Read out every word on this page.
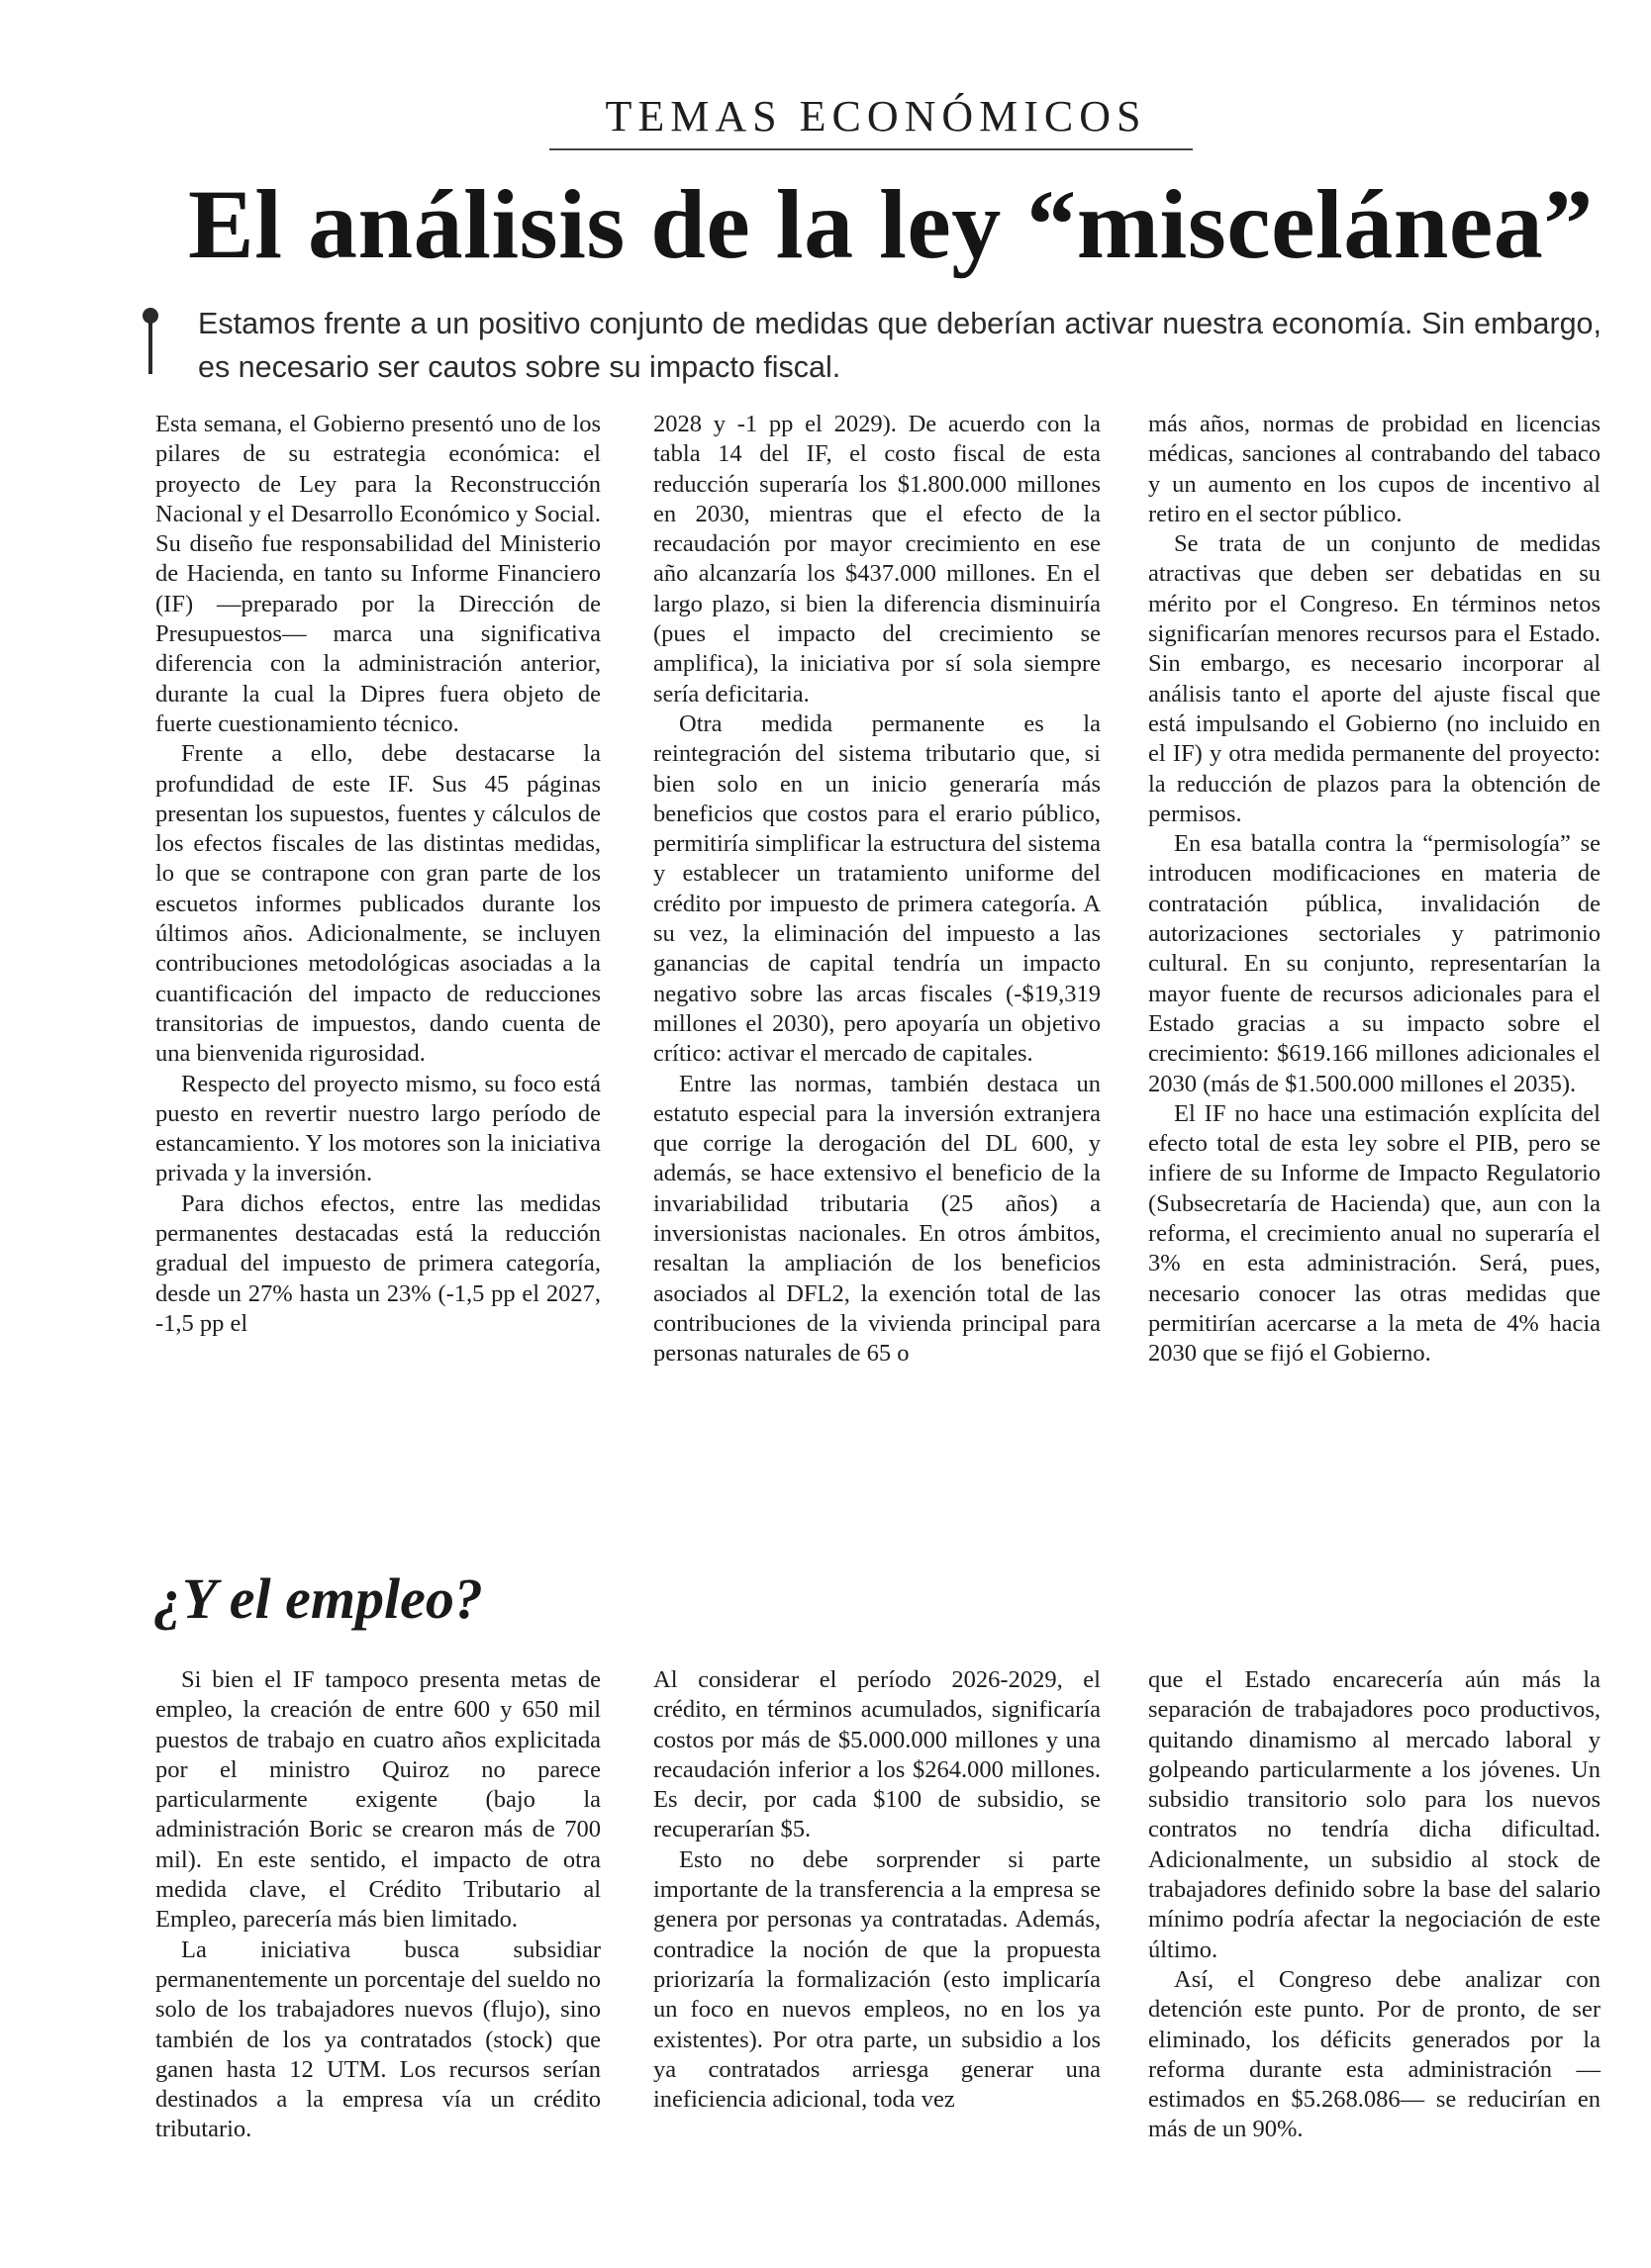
TEMAS ECONÓMICOS
El análisis de la ley “miscelánea”

Estamos frente a un positivo conjunto de medidas que deberían activar nuestra economía. Sin embargo, es necesario ser cautos sobre su impacto fiscal.

Esta semana, el Gobierno presentó uno de los pilares de su estrategia económica: el proyecto de Ley para la Reconstrucción Nacional y el Desarrollo Económico y Social. Su diseño fue responsabilidad del Ministerio de Hacienda, en tanto su Informe Financiero (IF) —preparado por la Dirección de Presupuestos— marca una significativa diferencia con la administración anterior, durante la cual la Dipres fuera objeto de fuerte cuestionamiento técnico.

Frente a ello, debe destacarse la profundidad de este IF. Sus 45 páginas presentan los supuestos, fuentes y cálculos de los efectos fiscales de las distintas medidas, lo que se contrapone con gran parte de los escuetos informes publicados durante los últimos años. Adicionalmente, se incluyen contribuciones metodológicas asociadas a la cuantificación del impacto de reducciones transitorias de impuestos, dando cuenta de una bienvenida rigurosidad.

Respecto del proyecto mismo, su foco está puesto en revertir nuestro largo período de estancamiento. Y los motores son la iniciativa privada y la inversión.

Para dichos efectos, entre las medidas permanentes destacadas está la reducción gradual del impuesto de primera categoría, desde un 27% hasta un 23% (-1,5 pp el 2027, -1,5 pp el

2028 y -1 pp el 2029). De acuerdo con la tabla 14 del IF, el costo fiscal de esta reducción superaría los $1.800.000 millones en 2030, mientras que el efecto de la recaudación por mayor crecimiento en ese año alcanzaría los $437.000 millones. En el largo plazo, si bien la diferencia disminuiría (pues el impacto del crecimiento se amplifica), la iniciativa por sí sola siempre sería deficitaria.

Otra medida permanente es la reintegración del sistema tributario que, si bien solo en un inicio generaría más beneficios que costos para el erario público, permitiría simplificar la estructura del sistema y establecer un tratamiento uniforme del crédito por impuesto de primera categoría. A su vez, la eliminación del impuesto a las ganancias de capital tendría un impacto negativo sobre las arcas fiscales (-$19,319 millones el 2030), pero apoyaría un objetivo crítico: activar el mercado de capitales.

Entre las normas, también destaca un estatuto especial para la inversión extranjera que corrige la derogación del DL 600, y además, se hace extensivo el beneficio de la invariabilidad tributaria (25 años) a inversionistas nacionales. En otros ámbitos, resaltan la ampliación de los beneficios asociados al DFL2, la exención total de las contribuciones de la vivienda principal para personas naturales de 65 o

más años, normas de probidad en licencias médicas, sanciones al contrabando del tabaco y un aumento en los cupos de incentivo al retiro en el sector público.

Se trata de un conjunto de medidas atractivas que deben ser debatidas en su mérito por el Congreso. En términos netos significarían menores recursos para el Estado. Sin embargo, es necesario incorporar al análisis tanto el aporte del ajuste fiscal que está impulsando el Gobierno (no incluido en el IF) y otra medida permanente del proyecto: la reducción de plazos para la obtención de permisos.

En esa batalla contra la “permisología” se introducen modificaciones en materia de contratación pública, invalidación de autorizaciones sectoriales y patrimonio cultural. En su conjunto, representarían la mayor fuente de recursos adicionales para el Estado gracias a su impacto sobre el crecimiento: $619.166 millones adicionales el 2030 (más de $1.500.000 millones el 2035).

El IF no hace una estimación explícita del efecto total de esta ley sobre el PIB, pero se infiere de su Informe de Impacto Regulatorio (Subsecretaría de Hacienda) que, aun con la reforma, el crecimiento anual no superaría el 3% en esta administración. Será, pues, necesario conocer las otras medidas que permitirían acercarse a la meta de 4% hacia 2030 que se fijó el Gobierno.

¿Y el empleo?

Si bien el IF tampoco presenta metas de empleo, la creación de entre 600 y 650 mil puestos de trabajo en cuatro años explicitada por el ministro Quiroz no parece particularmente exigente (bajo la administración Boric se crearon más de 700 mil). En este sentido, el impacto de otra medida clave, el Crédito Tributario al Empleo, parecería más bien limitado.

La iniciativa busca subsidiar permanentemente un porcentaje del sueldo no solo de los trabajadores nuevos (flujo), sino también de los ya contratados (stock) que ganen hasta 12 UTM. Los recursos serían destinados a la empresa vía un crédito tributario.

Al considerar el período 2026-2029, el crédito, en términos acumulados, significaría costos por más de $5.000.000 millones y una recaudación inferior a los $264.000 millones. Es decir, por cada $100 de subsidio, se recuperarían $5.

Esto no debe sorprender si parte importante de la transferencia a la empresa se genera por personas ya contratadas. Además, contradice la noción de que la propuesta priorizaría la formalización (esto implicaría un foco en nuevos empleos, no en los ya existentes). Por otra parte, un subsidio a los ya contratados arriesga generar una ineficiencia adicional, toda vez

que el Estado encarecería aún más la separación de trabajadores poco productivos, quitando dinamismo al mercado laboral y golpeando particularmente a los jóvenes. Un subsidio transitorio solo para los nuevos contratos no tendría dicha dificultad. Adicionalmente, un subsidio al stock de trabajadores definido sobre la base del salario mínimo podría afectar la negociación de este último.

Así, el Congreso debe analizar con detención este punto. Por de pronto, de ser eliminado, los déficits generados por la reforma durante esta administración —estimados en $5.268.086— se reducirían en más de un 90%.
